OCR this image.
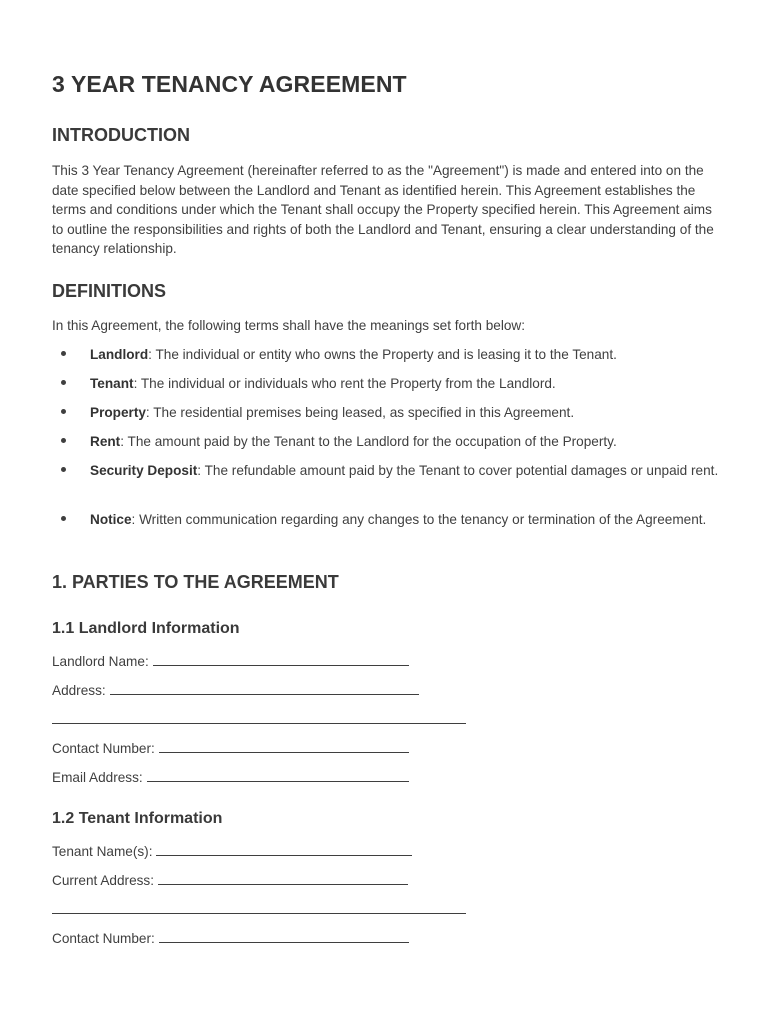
3 YEAR TENANCY AGREEMENT
INTRODUCTION

This 3 Year Tenancy Agreement (hereinafter referred to as the "Agreement") is made and entered into on the date specified below between the Landlord and Tenant as identified herein. This Agreement establishes the terms and conditions under which the Tenant shall occupy the Property specified herein. This Agreement aims to outline the responsibilities and rights of both the Landlord and Tenant, ensuring a clear understanding of the tenancy relationship.

DEFINITIONS

In this Agreement, the following terms shall have the meanings set forth below:

Landlord: The individual or entity who owns the Property and is leasing it to the Tenant.
Tenant: The individual or individuals who rent the Property from the Landlord.
Property: The residential premises being leased, as specified in this Agreement.
Rent: The amount paid by the Tenant to the Landlord for the occupation of the Property.
Security Deposit: The refundable amount paid by the Tenant to cover potential damages or unpaid rent.
Notice: Written communication regarding any changes to the tenancy or termination of the Agreement.
1. PARTIES TO THE AGREEMENT
1.1 Landlord Information
Landlord Name:
Address:
Contact Number:
Email Address:
1.2 Tenant Information
Tenant Name(s):
Current Address:
Contact Number:
